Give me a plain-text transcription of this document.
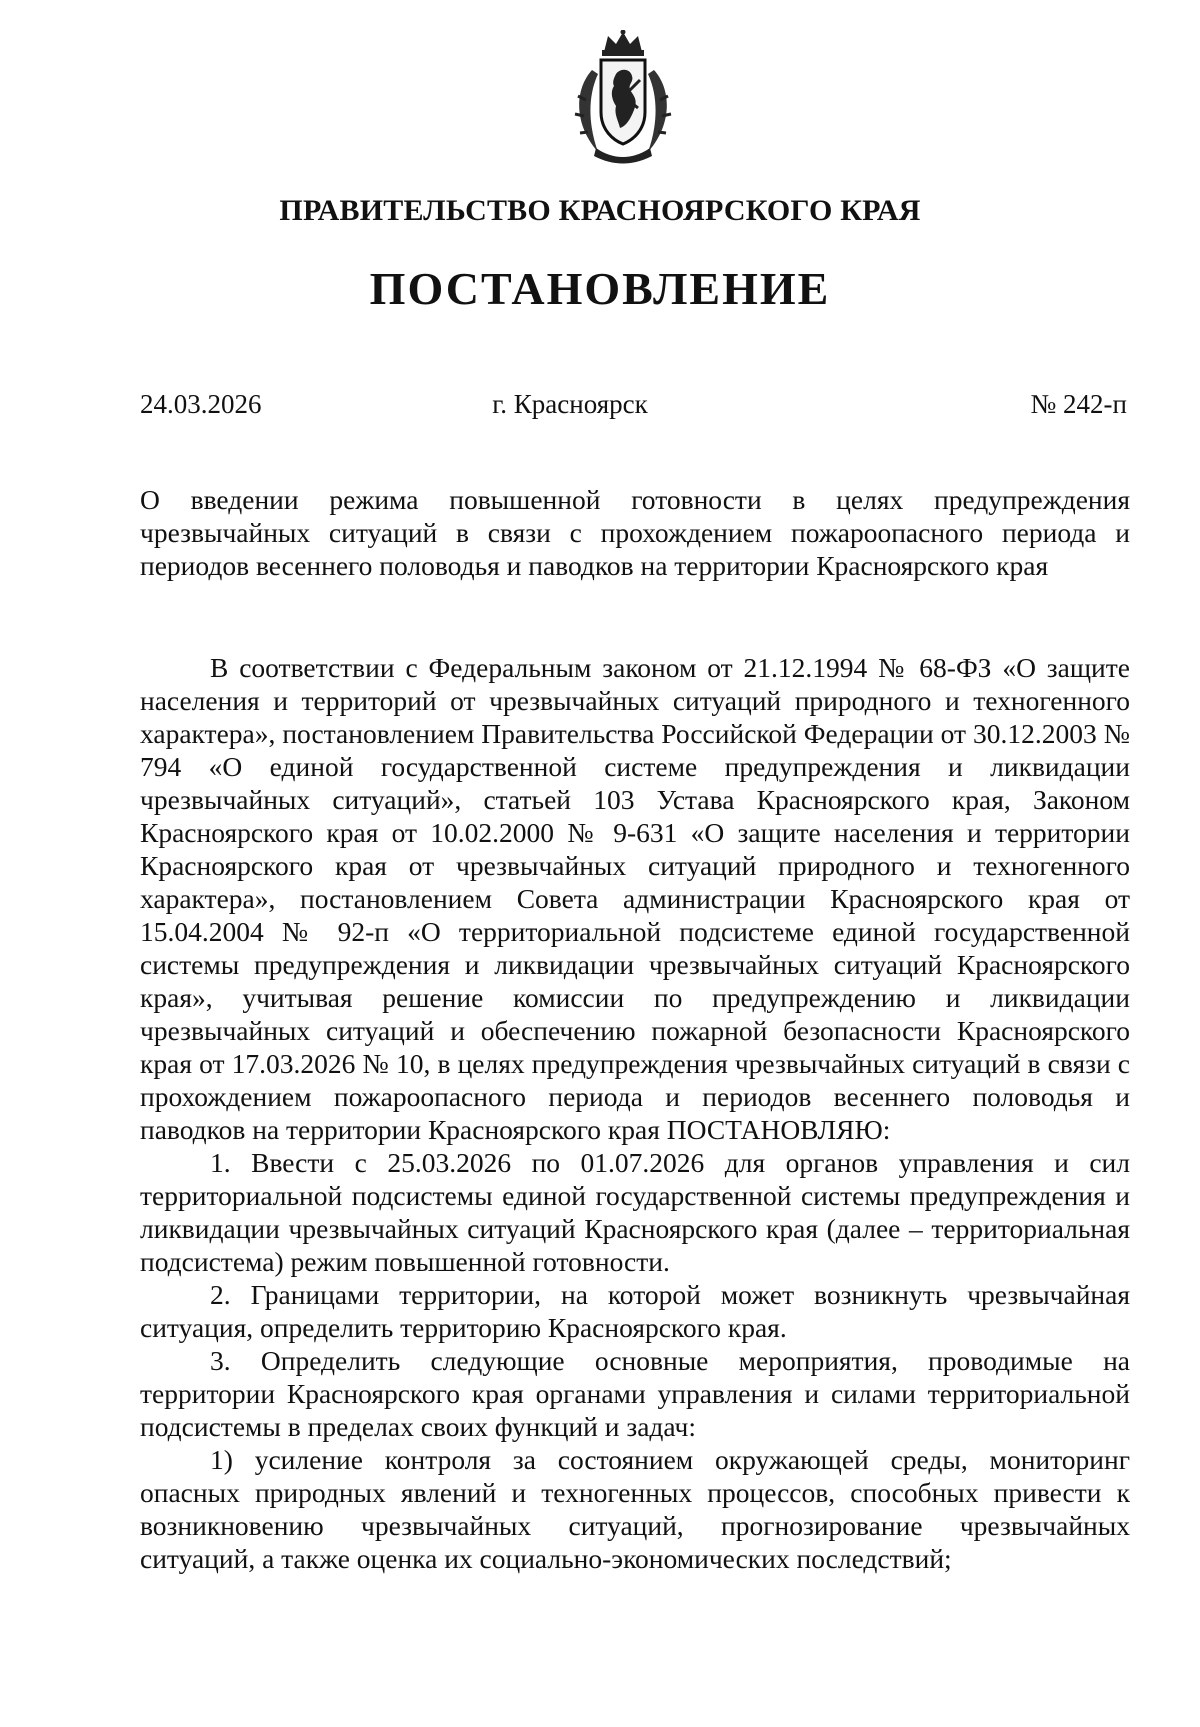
ПРАВИТЕЛЬСТВО КРАСНОЯРСКОГО КРАЯ
ПОСТАНОВЛЕНИЕ
24.03.2026	г. Красноярск	№ 242-п
О введении режима повышенной готовности в целях предупреждения чрезвычайных ситуаций в связи с прохождением пожароопасного периода и периодов весеннего половодья и паводков на территории Красноярского края

В соответствии с Федеральным законом от 21.12.1994 № 68-ФЗ «О защите населения и территорий от чрезвычайных ситуаций природного и техногенного характера», постановлением Правительства Российской Федерации от 30.12.2003 № 794 «О единой государственной системе предупреждения и ликвидации чрезвычайных ситуаций», статьей 103 Устава Красноярского края, Законом Красноярского края от 10.02.2000 № 9-631 «О защите населения и территории Красноярского края от чрезвычайных ситуаций природного и техногенного характера», постановлением Совета администрации Красноярского края от 15.04.2004 № 92-п «О территориальной подсистеме единой государственной системы предупреждения и ликвидации чрезвычайных ситуаций Красноярского края», учитывая решение комиссии по предупреждению и ликвидации чрезвычайных ситуаций и обеспечению пожарной безопасности Красноярского края от 17.03.2026 № 10, в целях предупреждения чрезвычайных ситуаций в связи с прохождением пожароопасного периода и периодов весеннего половодья и паводков на территории Красноярского края ПОСТАНОВЛЯЮ:

1. Ввести с 25.03.2026 по 01.07.2026 для органов управления и сил территориальной подсистемы единой государственной системы предупреждения и ликвидации чрезвычайных ситуаций Красноярского края (далее – территориальная подсистема) режим повышенной готовности.

2. Границами территории, на которой может возникнуть чрезвычайная ситуация, определить территорию Красноярского края.

3. Определить следующие основные мероприятия, проводимые на территории Красноярского края органами управления и силами территориальной подсистемы в пределах своих функций и задач:

1) усиление контроля за состоянием окружающей среды, мониторинг опасных природных явлений и техногенных процессов, способных привести к возникновению чрезвычайных ситуаций, прогнозирование чрезвычайных ситуаций, а также оценка их социально-экономических последствий;
